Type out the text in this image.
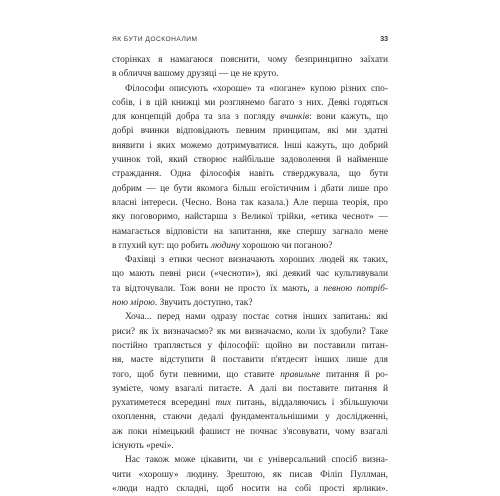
ЯК БУТИ ДОСКОНАЛИМ	33
сторінках я намагаюся пояснити, чому безпринципно заїхати
в обличчя вашому друзяці — це не круто.
Філософи описують «хороше» та «погане» купою різних спо-
собів, і в цій книжці ми розглянемо багато з них. Деякі годяться
для концепцій добра та зла з погляду вчинків: вони кажуть, що
добрі вчинки відповідають певним принципам, які ми здатні
виявити і яких можемо дотримуватися. Інші кажуть, що добрий
учинок той, який створює найбільше задоволення й найменше
страждання. Одна філософія навіть стверджувала, що бути
добрим — це бути якомога більш егоїстичним і дбати лише про
власні інтереси. (Чесно. Вона так казала.) Але перша теорія, про
яку поговоримо, найстарша з Великої трійки, «етика чеснот» —
намагається відповісти на запитання, яке спершу загнало мене
в глухий кут: що робить людину хорошою чи поганою?
Фахівці з етики чеснот визначають хороших людей як таких,
що мають певні риси («чесноти»), які деякий час культивували
та відточували. Тож вони не просто їх мають, а певною потріб-
ною мірою. Звучить доступно, так?
Хоча... перед нами одразу постає сотня інших запитань: які
риси? як їх визначаємо? як ми визначаємо, коли їх здобули? Таке
постійно трапляється у філософії: щойно ви поставили питан-
ня, маєте відступити й поставити п'ятдесят інших лише для
того, щоб бути певними, що ставите правильне питання й ро-
зумієте, чому взагалі питаєте. А далі ви поставите питання й
рухатиметеся всередині тих питань, віддаляючись і збільшуючи
охоплення, стаючи дедалі фундаментальнішими у дослідженні,
аж поки німецький фашист не почнає з'ясовувати, чому взагалі
існують «речі».
Нас також може цікавити, чи є універсальний спосіб визна-
чити «хорошу» людину. Зрештою, як писав Філіп Пуллман,
«люди надто складні, щоб носити на собі прості ярлики».
